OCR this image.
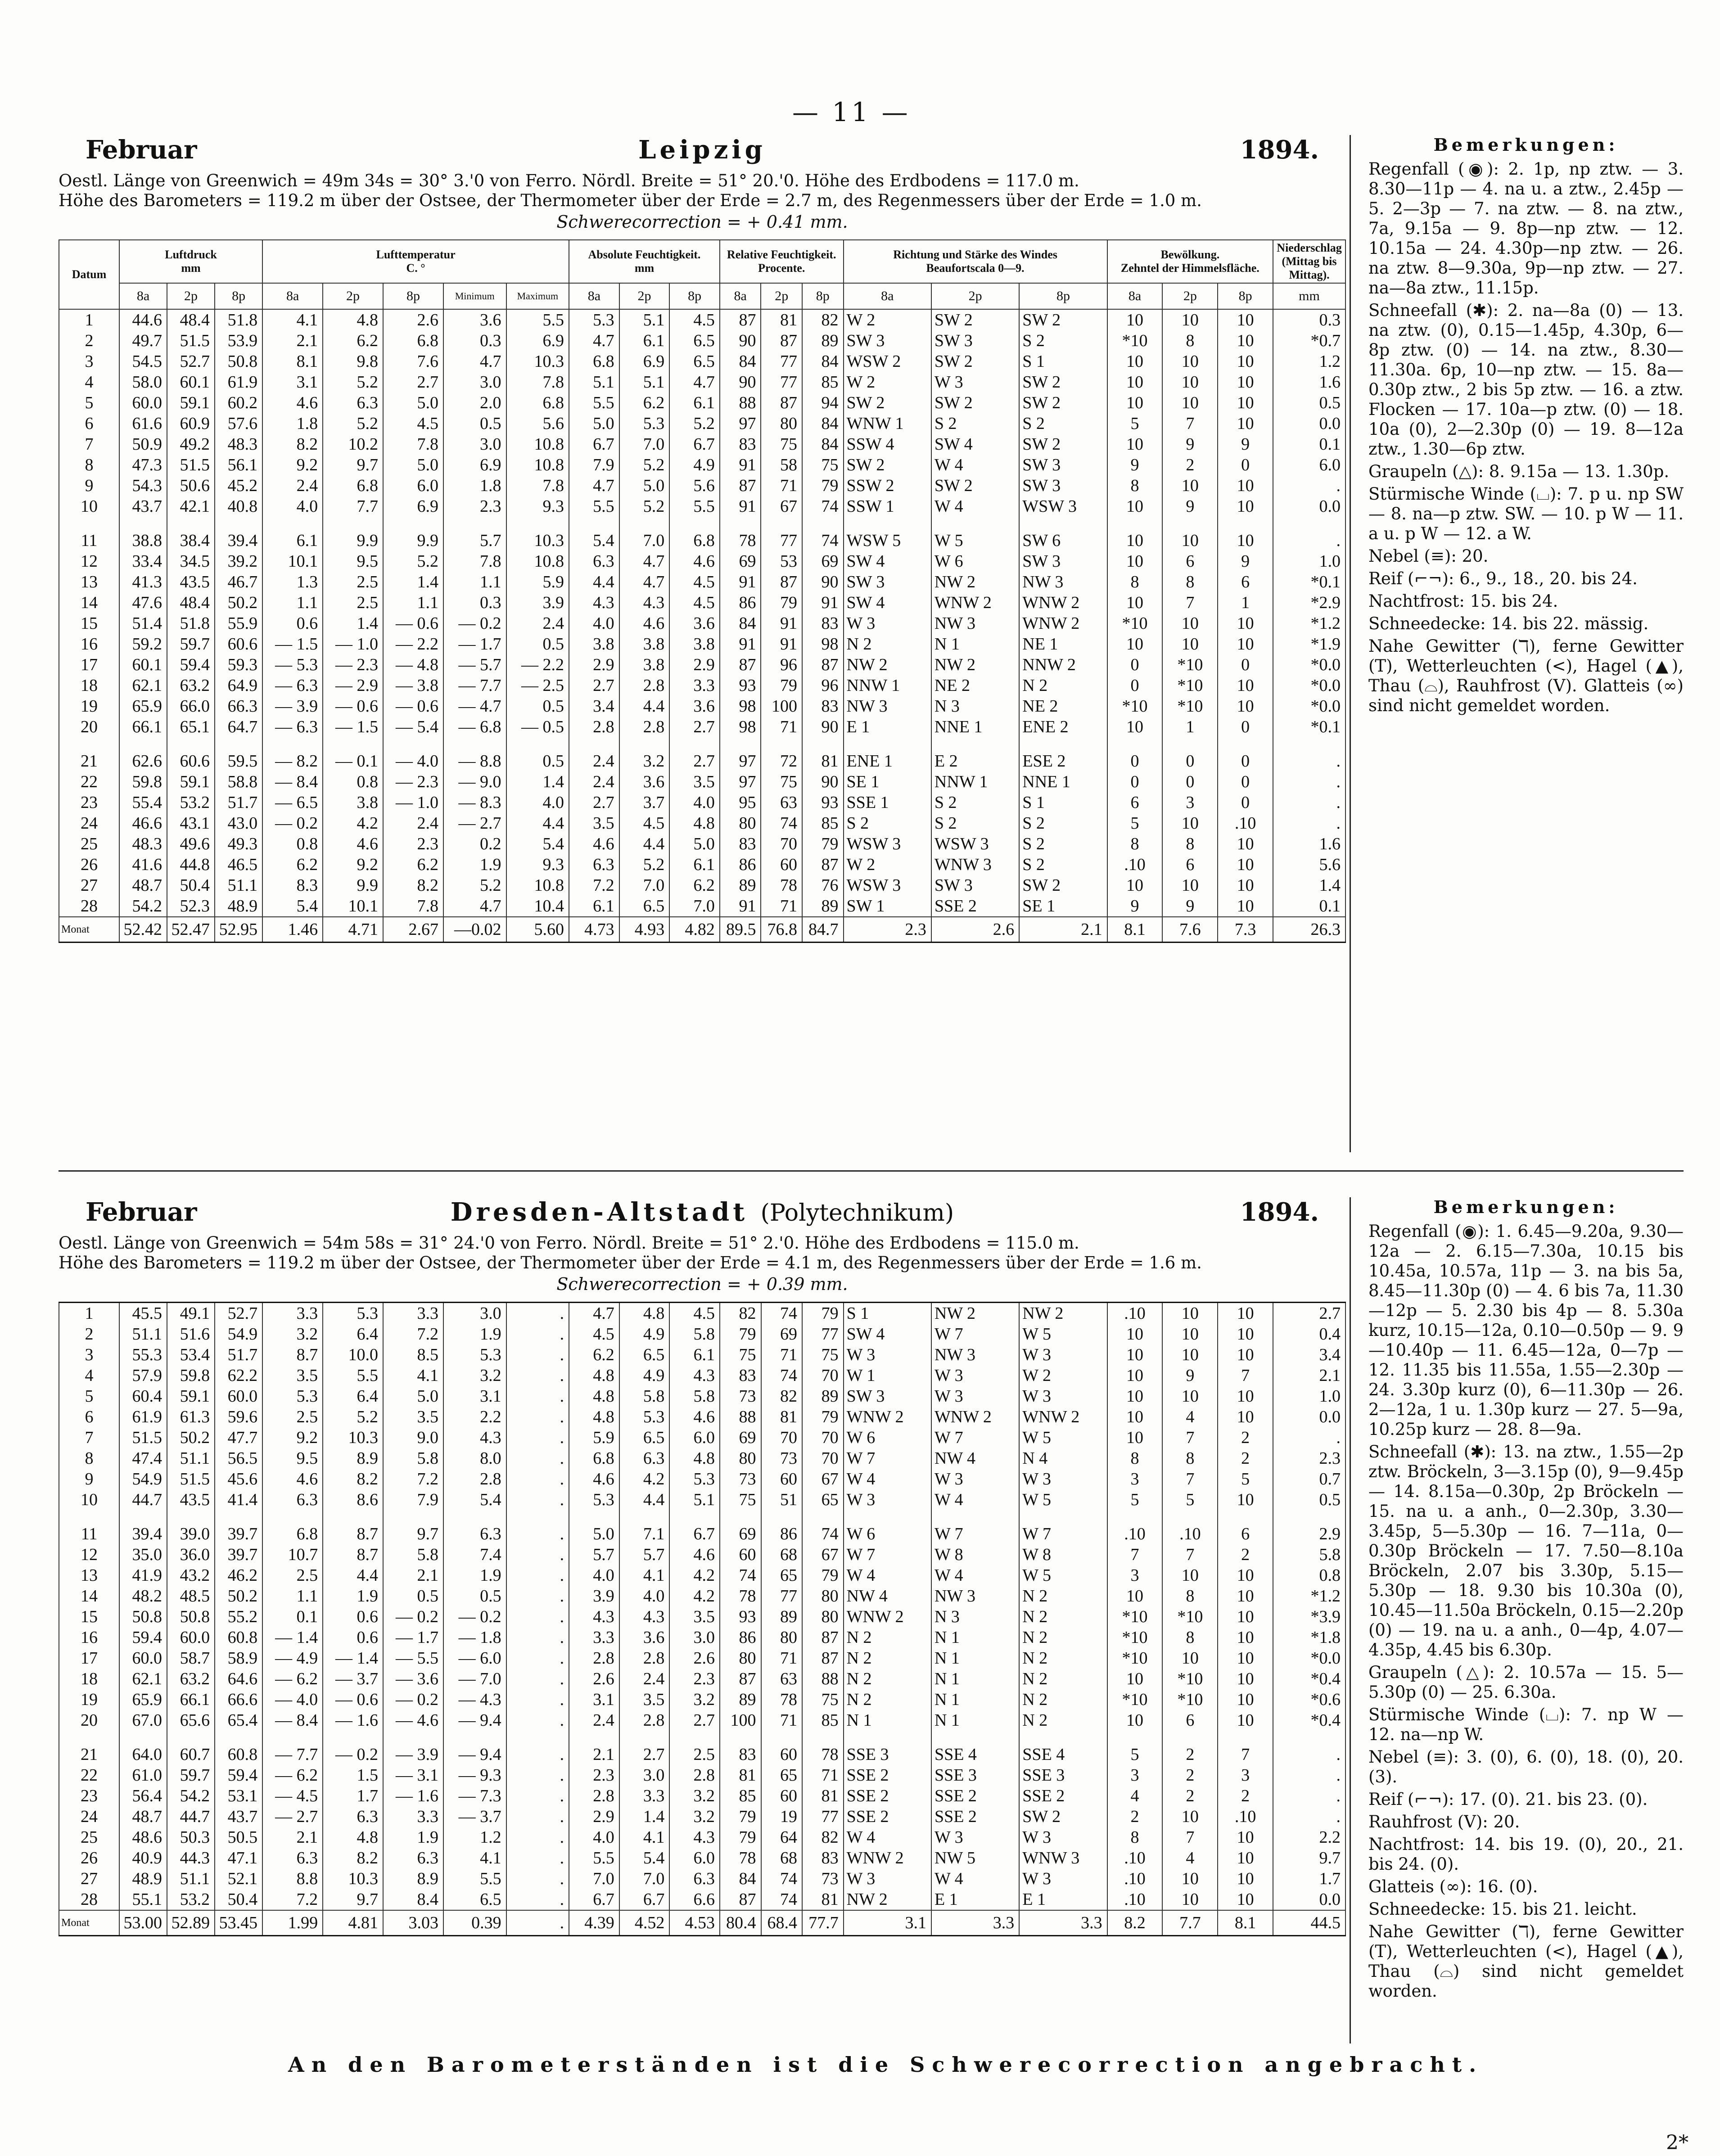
— 11 —
Februar	Leipzig	1894.
Oestl. Länge von Greenwich = 49m 34s = 30° 3.'0 von Ferro. Nördl. Breite = 51° 20.'0. Höhe des Erdbodens = 117.0 m.
Höhe des Barometers = 119.2 m über der Ostsee, der Thermometer über der Erde = 2.7 m, des Regenmessers über der Erde = 1.0 m.
Schwerecorrection = + 0.41 mm.
Datum	Luftdruck
mm			Lufttemperatur
C. °					Absolute Feuchtigkeit.
mm			Relative Feuchtigkeit.
Procente.			Richtung und Stärke des Windes
Beaufortscala 0—9.			Bewölkung.
Zehntel der Himmelsfläche.			Niederschlag (Mittag bis Mittag).
	8a	2p	8p	8a	2p	8p	Minimum	Maximum	8a	2p	8p	8a	2p	8p	8a	2p	8p	8a	2p	8p	mm
1	44.6	48.4	51.8	4.1	4.8	2.6	3.6	5.5	5.3	5.1	4.5	87	81	82	W 2	SW 2	SW 2	10	10	10	0.3
2	49.7	51.5	53.9	2.1	6.2	6.8	0.3	6.9	4.7	6.1	6.5	90	87	89	SW 3	SW 3	S 2	*10	8	10	*0.7
3	54.5	52.7	50.8	8.1	9.8	7.6	4.7	10.3	6.8	6.9	6.5	84	77	84	WSW 2	SW 2	S 1	10	10	10	1.2
4	58.0	60.1	61.9	3.1	5.2	2.7	3.0	7.8	5.1	5.1	4.7	90	77	85	W 2	W 3	SW 2	10	10	10	1.6
5	60.0	59.1	60.2	4.6	6.3	5.0	2.0	6.8	5.5	6.2	6.1	88	87	94	SW 2	SW 2	SW 2	10	10	10	0.5
6	61.6	60.9	57.6	1.8	5.2	4.5	0.5	5.6	5.0	5.3	5.2	97	80	84	WNW 1	S 2	S 2	5	7	10	0.0
7	50.9	49.2	48.3	8.2	10.2	7.8	3.0	10.8	6.7	7.0	6.7	83	75	84	SSW 4	SW 4	SW 2	10	9	9	0.1
8	47.3	51.5	56.1	9.2	9.7	5.0	6.9	10.8	7.9	5.2	4.9	91	58	75	SW 2	W 4	SW 3	9	2	0	6.0
9	54.3	50.6	45.2	2.4	6.8	6.0	1.8	7.8	4.7	5.0	5.6	87	71	79	SSW 2	SW 2	SW 3	8	10	10	.
10	43.7	42.1	40.8	4.0	7.7	6.9	2.3	9.3	5.5	5.2	5.5	91	67	74	SSW 1	W 4	WSW 3	10	9	10	0.0

11	38.8	38.4	39.4	6.1	9.9	9.9	5.7	10.3	5.4	7.0	6.8	78	77	74	WSW 5	W 5	SW 6	10	10	10	.
12	33.4	34.5	39.2	10.1	9.5	5.2	7.8	10.8	6.3	4.7	4.6	69	53	69	SW 4	W 6	SW 3	10	6	9	1.0
13	41.3	43.5	46.7	1.3	2.5	1.4	1.1	5.9	4.4	4.7	4.5	91	87	90	SW 3	NW 2	NW 3	8	8	6	*0.1
14	47.6	48.4	50.2	1.1	2.5	1.1	0.3	3.9	4.3	4.3	4.5	86	79	91	SW 4	WNW 2	WNW 2	10	7	1	*2.9
15	51.4	51.8	55.9	0.6	1.4	— 0.6	— 0.2	2.4	4.0	4.6	3.6	84	91	83	W 3	NW 3	WNW 2	*10	10	10	*1.2
16	59.2	59.7	60.6	— 1.5	— 1.0	— 2.2	— 1.7	0.5	3.8	3.8	3.8	91	91	98	N 2	N 1	NE 1	10	10	10	*1.9
17	60.1	59.4	59.3	— 5.3	— 2.3	— 4.8	— 5.7	— 2.2	2.9	3.8	2.9	87	96	87	NW 2	NW 2	NNW 2	0	*10	0	*0.0
18	62.1	63.2	64.9	— 6.3	— 2.9	— 3.8	— 7.7	— 2.5	2.7	2.8	3.3	93	79	96	NNW 1	NE 2	N 2	0	*10	10	*0.0
19	65.9	66.0	66.3	— 3.9	— 0.6	— 0.6	— 4.7	0.5	3.4	4.4	3.6	98	100	83	NW 3	N 3	NE 2	*10	*10	10	*0.0
20	66.1	65.1	64.7	— 6.3	— 1.5	— 5.4	— 6.8	— 0.5	2.8	2.8	2.7	98	71	90	E 1	NNE 1	ENE 2	10	1	0	*0.1

21	62.6	60.6	59.5	— 8.2	— 0.1	— 4.0	— 8.8	0.5	2.4	3.2	2.7	97	72	81	ENE 1	E 2	ESE 2	0	0	0	.
22	59.8	59.1	58.8	— 8.4	0.8	— 2.3	— 9.0	1.4	2.4	3.6	3.5	97	75	90	SE 1	NNW 1	NNE 1	0	0	0	.
23	55.4	53.2	51.7	— 6.5	3.8	— 1.0	— 8.3	4.0	2.7	3.7	4.0	95	63	93	SSE 1	S 2	S 1	6	3	0	.
24	46.6	43.1	43.0	— 0.2	4.2	2.4	— 2.7	4.4	3.5	4.5	4.8	80	74	85	S 2	S 2	S 2	5	10	.10	.
25	48.3	49.6	49.3	0.8	4.6	2.3	0.2	5.4	4.6	4.4	5.0	83	70	79	WSW 3	WSW 3	S 2	8	8	10	1.6
26	41.6	44.8	46.5	6.2	9.2	6.2	1.9	9.3	6.3	5.2	6.1	86	60	87	W 2	WNW 3	S 2	.10	6	10	5.6
27	48.7	50.4	51.1	8.3	9.9	8.2	5.2	10.8	7.2	7.0	6.2	89	78	76	WSW 3	SW 3	SW 2	10	10	10	1.4
28	54.2	52.3	48.9	5.4	10.1	7.8	4.7	10.4	6.1	6.5	7.0	91	71	89	SW 1	SSE 2	SE 1	9	9	10	0.1
Monat	52.42	52.47	52.95	1.46	4.71	2.67	—0.02	5.60	4.73	4.93	4.82	89.5	76.8	84.7	2.3	2.6	2.1	8.1	7.6	7.3	26.3
Bemerkungen:

Regenfall (◉): 2. 1p, np ztw. — 3. 8.30—11p — 4. na u. a ztw., 2.45p — 5. 2—3p — 7. na ztw. — 8. na ztw., 7a, 9.15a — 9. 8p—np ztw. — 12. 10.15a — 24. 4.30p—np ztw. — 26. na ztw. 8—9.30a, 9p—np ztw. — 27. na—8a ztw., 11.15p.

Schneefall (✱): 2. na—8a (0) — 13. na ztw. (0), 0.15—1.45p, 4.30p, 6—8p ztw. (0) — 14. na ztw., 8.30—11.30a. 6p, 10—np ztw. — 15. 8a—0.30p ztw., 2 bis 5p ztw. — 16. a ztw. Flocken — 17. 10a—p ztw. (0) — 18. 10a (0), 2—2.30p (0) — 19. 8—12a ztw., 1.30—6p ztw.

Graupeln (△): 8. 9.15a — 13. 1.30p.

Stürmische Winde (⌴): 7. p u. np SW — 8. na—p ztw. SW. — 10. p W — 11. a u. p W — 12. a W.

Nebel (≡): 20.

Reif (⌐¬): 6., 9., 18., 20. bis 24.

Nachtfrost: 15. bis 24.

Schneedecke: 14. bis 22. mässig.

Nahe Gewitter (ℸ), ferne Gewitter (T), Wetterleuchten (<), Hagel (▲), Thau (⌓), Rauhfrost (V). Glatteis (∞) sind nicht gemeldet worden.

Februar	Dresden-Altstadt (Polytechnikum)	1894.
Oestl. Länge von Greenwich = 54m 58s = 31° 24.'0 von Ferro. Nördl. Breite = 51° 2.'0. Höhe des Erdbodens = 115.0 m.
Höhe des Barometers = 119.2 m über der Ostsee, der Thermometer über der Erde = 4.1 m, des Regenmessers über der Erde = 1.6 m.
Schwerecorrection = + 0.39 mm.
1	45.5	49.1	52.7	3.3	5.3	3.3	3.0	.	4.7	4.8	4.5	82	74	79	S 1	NW 2	NW 2	.10	10	10	2.7
2	51.1	51.6	54.9	3.2	6.4	7.2	1.9	.	4.5	4.9	5.8	79	69	77	SW 4	W 7	W 5	10	10	10	0.4
3	55.3	53.4	51.7	8.7	10.0	8.5	5.3	.	6.2	6.5	6.1	75	71	75	W 3	NW 3	W 3	10	10	10	3.4
4	57.9	59.8	62.2	3.5	5.5	4.1	3.2	.	4.8	4.9	4.3	83	74	70	W 1	W 3	W 2	10	9	7	2.1
5	60.4	59.1	60.0	5.3	6.4	5.0	3.1	.	4.8	5.8	5.8	73	82	89	SW 3	W 3	W 3	10	10	10	1.0
6	61.9	61.3	59.6	2.5	5.2	3.5	2.2	.	4.8	5.3	4.6	88	81	79	WNW 2	WNW 2	WNW 2	10	4	10	0.0
7	51.5	50.2	47.7	9.2	10.3	9.0	4.3	.	5.9	6.5	6.0	69	70	70	W 6	W 7	W 5	10	7	2	.
8	47.4	51.1	56.5	9.5	8.9	5.8	8.0	.	6.8	6.3	4.8	80	73	70	W 7	NW 4	N 4	8	8	2	2.3
9	54.9	51.5	45.6	4.6	8.2	7.2	2.8	.	4.6	4.2	5.3	73	60	67	W 4	W 3	W 3	3	7	5	0.7
10	44.7	43.5	41.4	6.3	8.6	7.9	5.4	.	5.3	4.4	5.1	75	51	65	W 3	W 4	W 5	5	5	10	0.5

11	39.4	39.0	39.7	6.8	8.7	9.7	6.3	.	5.0	7.1	6.7	69	86	74	W 6	W 7	W 7	.10	.10	6	2.9
12	35.0	36.0	39.7	10.7	8.7	5.8	7.4	.	5.7	5.7	4.6	60	68	67	W 7	W 8	W 8	7	7	2	5.8
13	41.9	43.2	46.2	2.5	4.4	2.1	1.9	.	4.0	4.1	4.2	74	65	79	W 4	W 4	W 5	3	10	10	0.8
14	48.2	48.5	50.2	1.1	1.9	0.5	0.5	.	3.9	4.0	4.2	78	77	80	NW 4	NW 3	N 2	10	8	10	*1.2
15	50.8	50.8	55.2	0.1	0.6	— 0.2	— 0.2	.	4.3	4.3	3.5	93	89	80	WNW 2	N 3	N 2	*10	*10	10	*3.9
16	59.4	60.0	60.8	— 1.4	0.6	— 1.7	— 1.8	.	3.3	3.6	3.0	86	80	87	N 2	N 1	N 2	*10	8	10	*1.8
17	60.0	58.7	58.9	— 4.9	— 1.4	— 5.5	— 6.0	.	2.8	2.8	2.6	80	71	87	N 2	N 1	N 2	*10	10	10	*0.0
18	62.1	63.2	64.6	— 6.2	— 3.7	— 3.6	— 7.0	.	2.6	2.4	2.3	87	63	88	N 2	N 1	N 2	10	*10	10	*0.4
19	65.9	66.1	66.6	— 4.0	— 0.6	— 0.2	— 4.3	.	3.1	3.5	3.2	89	78	75	N 2	N 1	N 2	*10	*10	10	*0.6
20	67.0	65.6	65.4	— 8.4	— 1.6	— 4.6	— 9.4	.	2.4	2.8	2.7	100	71	85	N 1	N 1	N 2	10	6	10	*0.4

21	64.0	60.7	60.8	— 7.7	— 0.2	— 3.9	— 9.4	.	2.1	2.7	2.5	83	60	78	SSE 3	SSE 4	SSE 4	5	2	7	.
22	61.0	59.7	59.4	— 6.2	1.5	— 3.1	— 9.3	.	2.3	3.0	2.8	81	65	71	SSE 2	SSE 3	SSE 3	3	2	3	.
23	56.4	54.2	53.1	— 4.5	1.7	— 1.6	— 7.3	.	2.8	3.3	3.2	85	60	81	SSE 2	SSE 2	SSE 2	4	2	2	.
24	48.7	44.7	43.7	— 2.7	6.3	3.3	— 3.7	.	2.9	1.4	3.2	79	19	77	SSE 2	SSE 2	SW 2	2	10	.10	.
25	48.6	50.3	50.5	2.1	4.8	1.9	1.2	.	4.0	4.1	4.3	79	64	82	W 4	W 3	W 3	8	7	10	2.2
26	40.9	44.3	47.1	6.3	8.2	6.3	4.1	.	5.5	5.4	6.0	78	68	83	WNW 2	NW 5	WNW 3	.10	4	10	9.7
27	48.9	51.1	52.1	8.8	10.3	8.9	5.5	.	7.0	7.0	6.3	84	74	73	W 3	W 4	W 3	.10	10	10	1.7
28	55.1	53.2	50.4	7.2	9.7	8.4	6.5	.	6.7	6.7	6.6	87	74	81	NW 2	E 1	E 1	.10	10	10	0.0
Monat	53.00	52.89	53.45	1.99	4.81	3.03	0.39	.	4.39	4.52	4.53	80.4	68.4	77.7	3.1	3.3	3.3	8.2	7.7	8.1	44.5
Bemerkungen:

Regenfall (◉): 1. 6.45—9.20a, 9.30—12a — 2. 6.15—7.30a, 10.15 bis 10.45a, 10.57a, 11p — 3. na bis 5a, 8.45—11.30p (0) — 4. 6 bis 7a, 11.30—12p — 5. 2.30 bis 4p — 8. 5.30a kurz, 10.15—12a, 0.10—0.50p — 9. 9—10.40p — 11. 6.45—12a, 0—7p — 12. 11.35 bis 11.55a, 1.55—2.30p — 24. 3.30p kurz (0), 6—11.30p — 26. 2—12a, 1 u. 1.30p kurz — 27. 5—9a, 10.25p kurz — 28. 8—9a.

Schneefall (✱): 13. na ztw., 1.55—2p ztw. Bröckeln, 3—3.15p (0), 9—9.45p — 14. 8.15a—0.30p, 2p Bröckeln — 15. na u. a anh., 0—2.30p, 3.30—3.45p, 5—5.30p — 16. 7—11a, 0—0.30p Bröckeln — 17. 7.50—8.10a Bröckeln, 2.07 bis 3.30p, 5.15—5.30p — 18. 9.30 bis 10.30a (0), 10.45—11.50a Bröckeln, 0.15—2.20p (0) — 19. na u. a anh., 0—4p, 4.07—4.35p, 4.45 bis 6.30p.

Graupeln (△): 2. 10.57a — 15. 5—5.30p (0) — 25. 6.30a.

Stürmische Winde (⌴): 7. np W — 12. na—np W.

Nebel (≡): 3. (0), 6. (0), 18. (0), 20. (3).

Reif (⌐¬): 17. (0). 21. bis 23. (0).

Rauhfrost (V): 20.

Nachtfrost: 14. bis 19. (0), 20., 21. bis 24. (0).

Glatteis (∞): 16. (0).

Schneedecke: 15. bis 21. leicht.

Nahe Gewitter (ℸ), ferne Gewitter (T), Wetterleuchten (<), Hagel (▲), Thau (⌓) sind nicht gemeldet worden.

An den Barometerständen ist die Schwerecorrection angebracht.
2*
